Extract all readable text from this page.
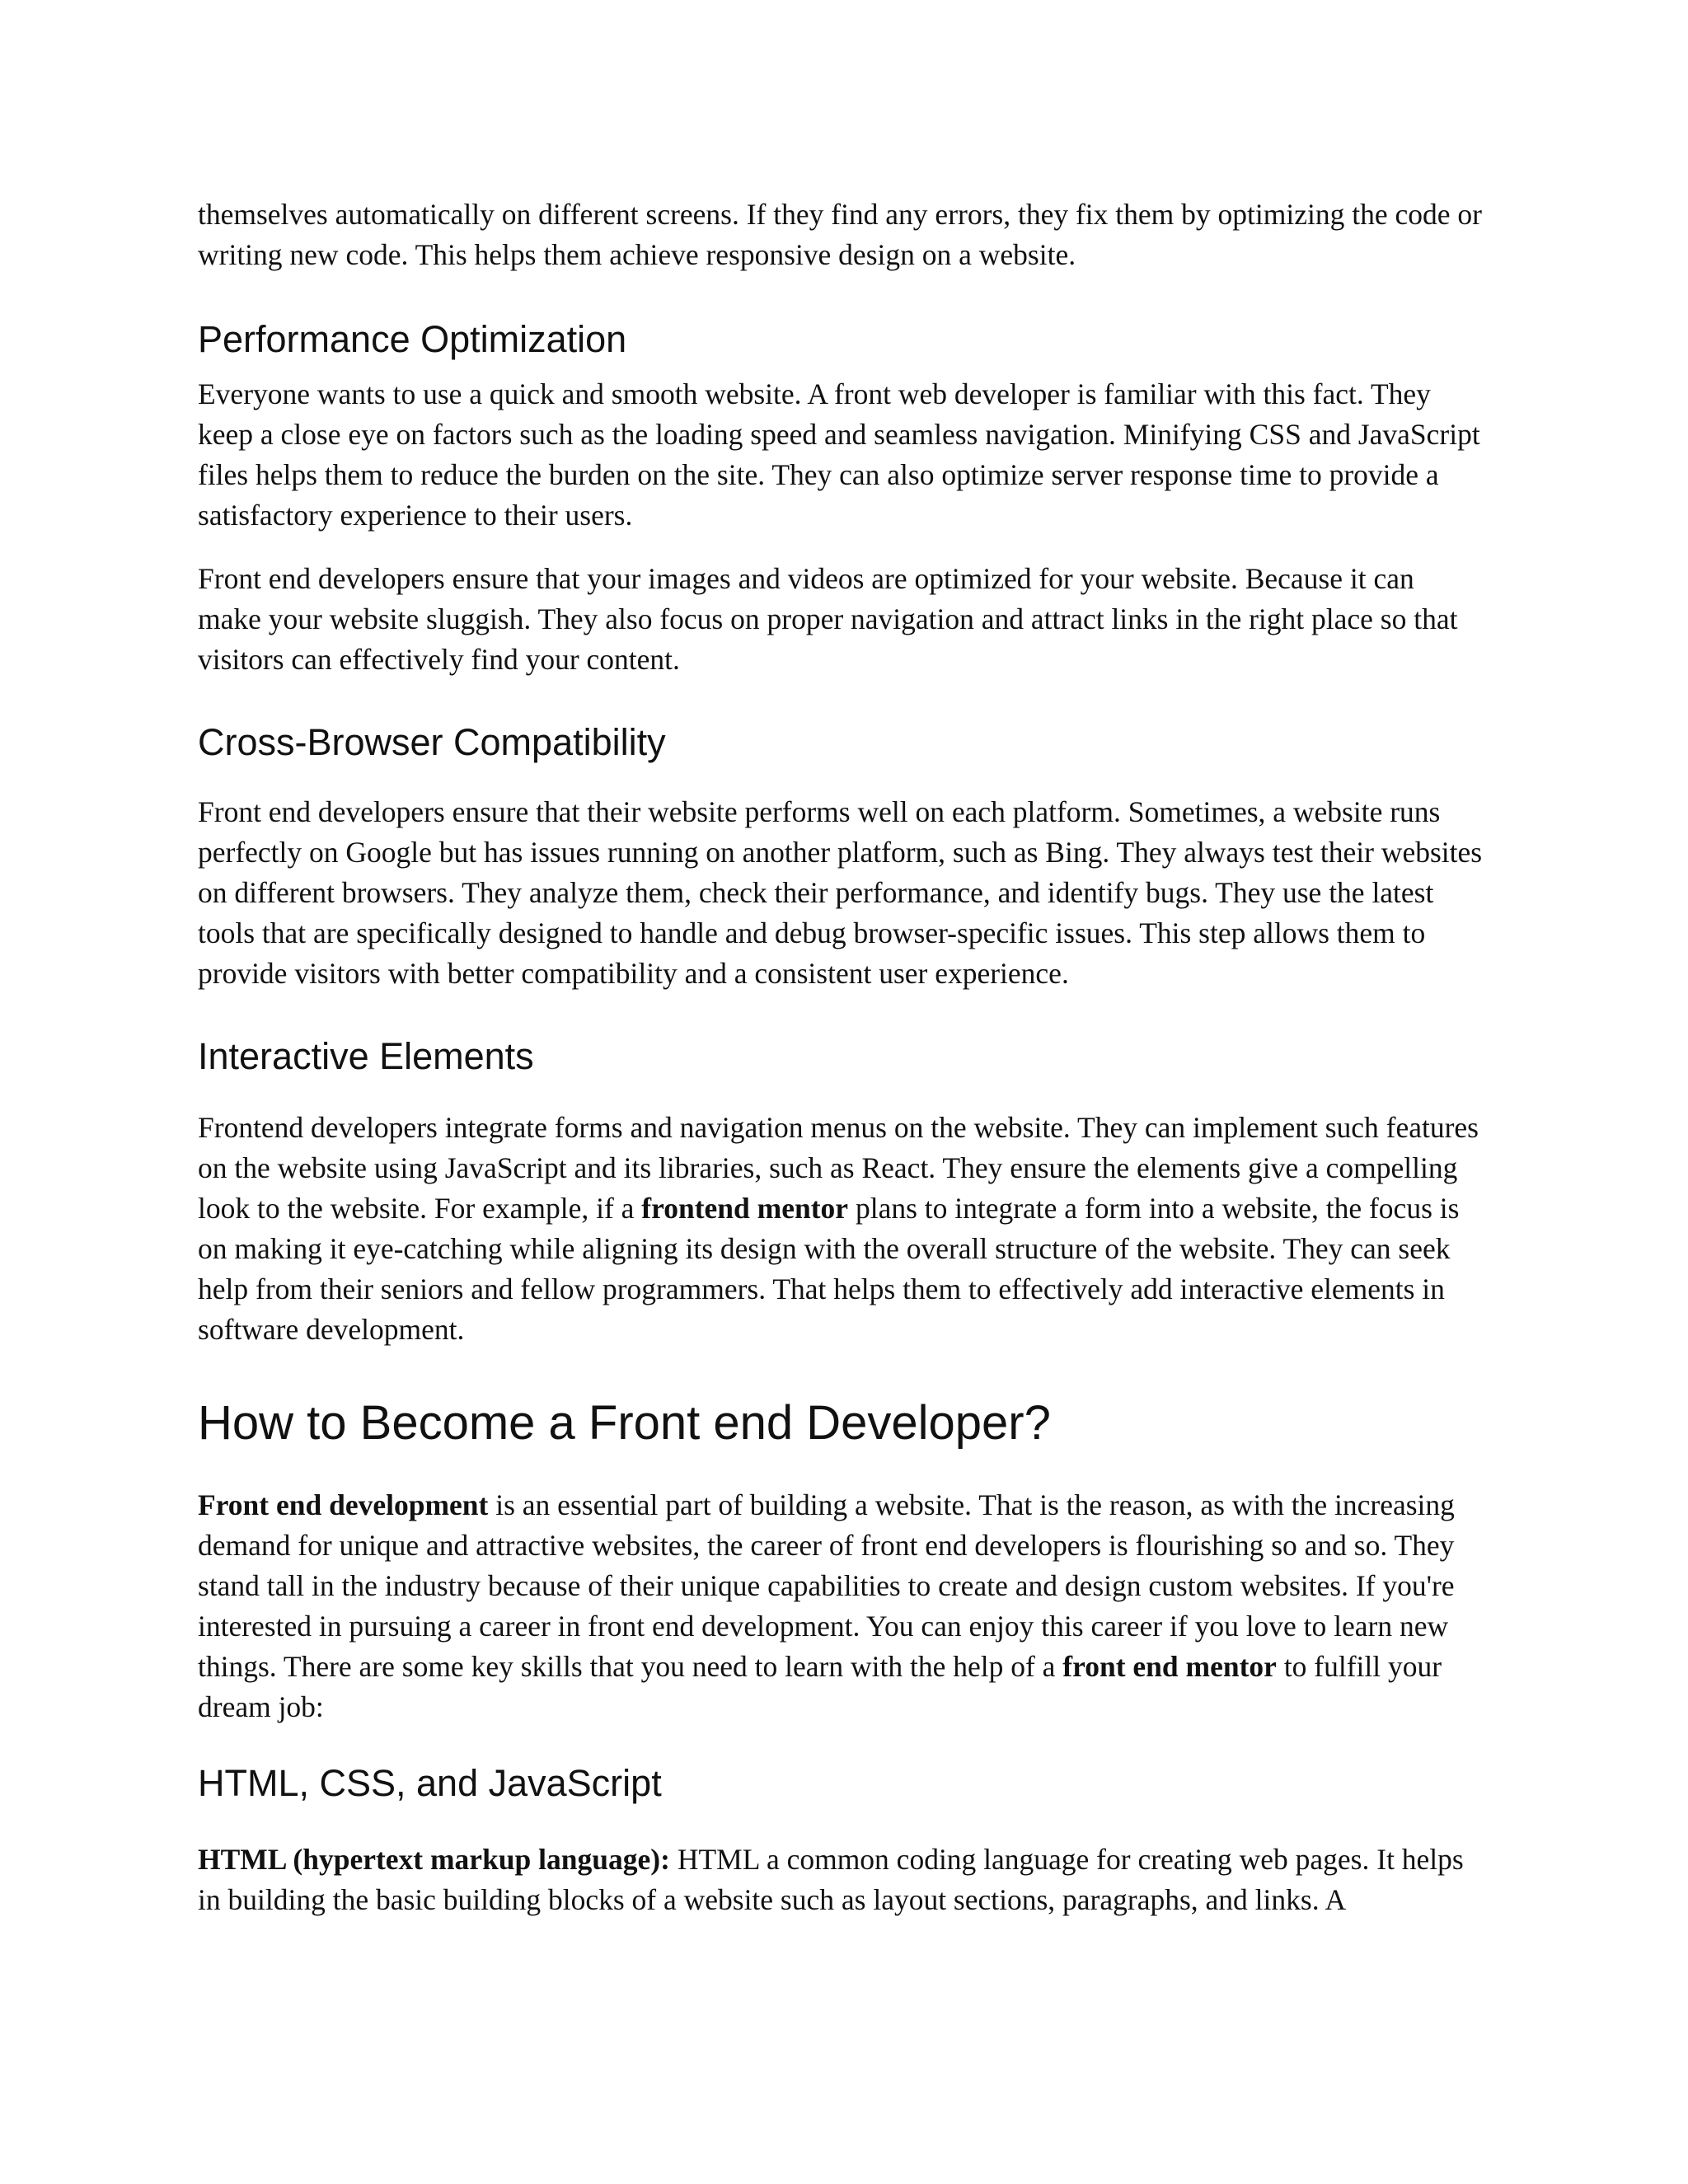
themselves automatically on different screens. If they find any errors, they fix them by optimizing the code or writing new code. This helps them achieve responsive design on a website.

Performance Optimization

Everyone wants to use a quick and smooth website. A front web developer is familiar with this fact. They keep a close eye on factors such as the loading speed and seamless navigation. Minifying CSS and JavaScript files helps them to reduce the burden on the site. They can also optimize server response time to provide a satisfactory experience to their users.

Front end developers ensure that your images and videos are optimized for your website. Because it can make your website sluggish. They also focus on proper navigation and attract links in the right place so that visitors can effectively find your content.

Cross-Browser Compatibility

Front end developers ensure that their website performs well on each platform. Sometimes, a website runs perfectly on Google but has issues running on another platform, such as Bing. They always test their websites on different browsers. They analyze them, check their performance, and identify bugs. They use the latest tools that are specifically designed to handle and debug browser-specific issues. This step allows them to provide visitors with better compatibility and a consistent user experience.

Interactive Elements

Frontend developers integrate forms and navigation menus on the website. They can implement such features on the website using JavaScript and its libraries, such as React. They ensure the elements give a compelling look to the website. For example, if a frontend mentor plans to integrate a form into a website, the focus is on making it eye-catching while aligning its design with the overall structure of the website. They can seek help from their seniors and fellow programmers. That helps them to effectively add interactive elements in software development.

How to Become a Front end Developer?

Front end development is an essential part of building a website. That is the reason, as with the increasing demand for unique and attractive websites, the career of front end developers is flourishing so and so. They stand tall in the industry because of their unique capabilities to create and design custom websites. If you're interested in pursuing a career in front end development. You can enjoy this career if you love to learn new things. There are some key skills that you need to learn with the help of a front end mentor to fulfill your dream job:

HTML, CSS, and JavaScript

HTML (hypertext markup language): HTML a common coding language for creating web pages. It helps in building the basic building blocks of a website such as layout sections, paragraphs, and links. A
